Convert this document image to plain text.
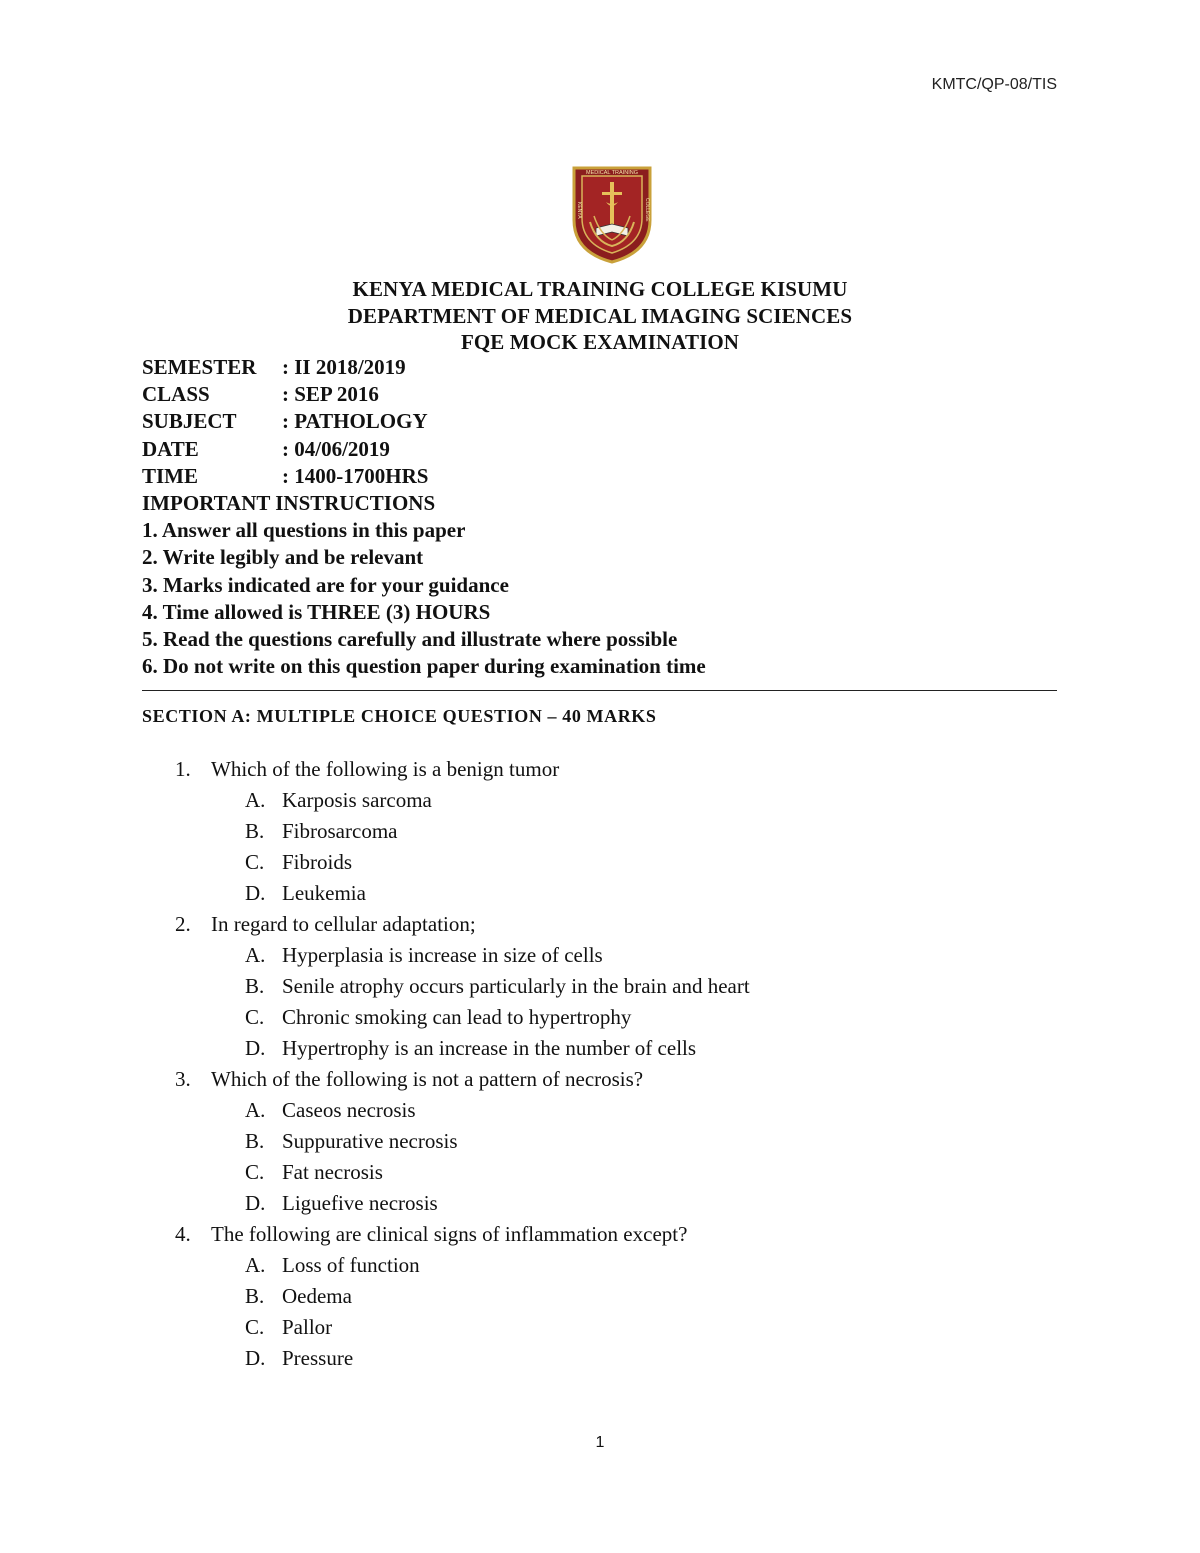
KMTC/QP-08/TIS
MEDICAL TRAINING
KENYA	COLLEGE
KENYA MEDICAL TRAINING COLLEGE KISUMU
DEPARTMENT OF MEDICAL IMAGING SCIENCES
FQE MOCK EXAMINATION
SEMESTER	: II 2018/2019
CLASS	: SEP 2016
SUBJECT	: PATHOLOGY
DATE	: 04/06/2019
TIME	: 1400-1700HRS
IMPORTANT INSTRUCTIONS
1. Answer all questions in this paper
2. Write legibly and be relevant
3. Marks indicated are for your guidance
4. Time allowed is THREE (3) HOURS
5. Read the questions carefully and illustrate where possible
6. Do not write on this question paper during examination time
SECTION A: MULTIPLE CHOICE QUESTION – 40 MARKS
1. Which of the following is a benign tumor
A. Karposis sarcoma
B. Fibrosarcoma
C. Fibroids
D. Leukemia
2. In regard to cellular adaptation;
A. Hyperplasia is increase in size of cells
B. Senile atrophy occurs particularly in the brain and heart
C. Chronic smoking can lead to hypertrophy
D. Hypertrophy is an increase in the number of cells
3. Which of the following is not a pattern of necrosis?
A. Caseos necrosis
B. Suppurative necrosis
C. Fat necrosis
D. Liguefive necrosis
4. The following are clinical signs of inflammation except?
A. Loss of function
B. Oedema
C. Pallor
D. Pressure
1
